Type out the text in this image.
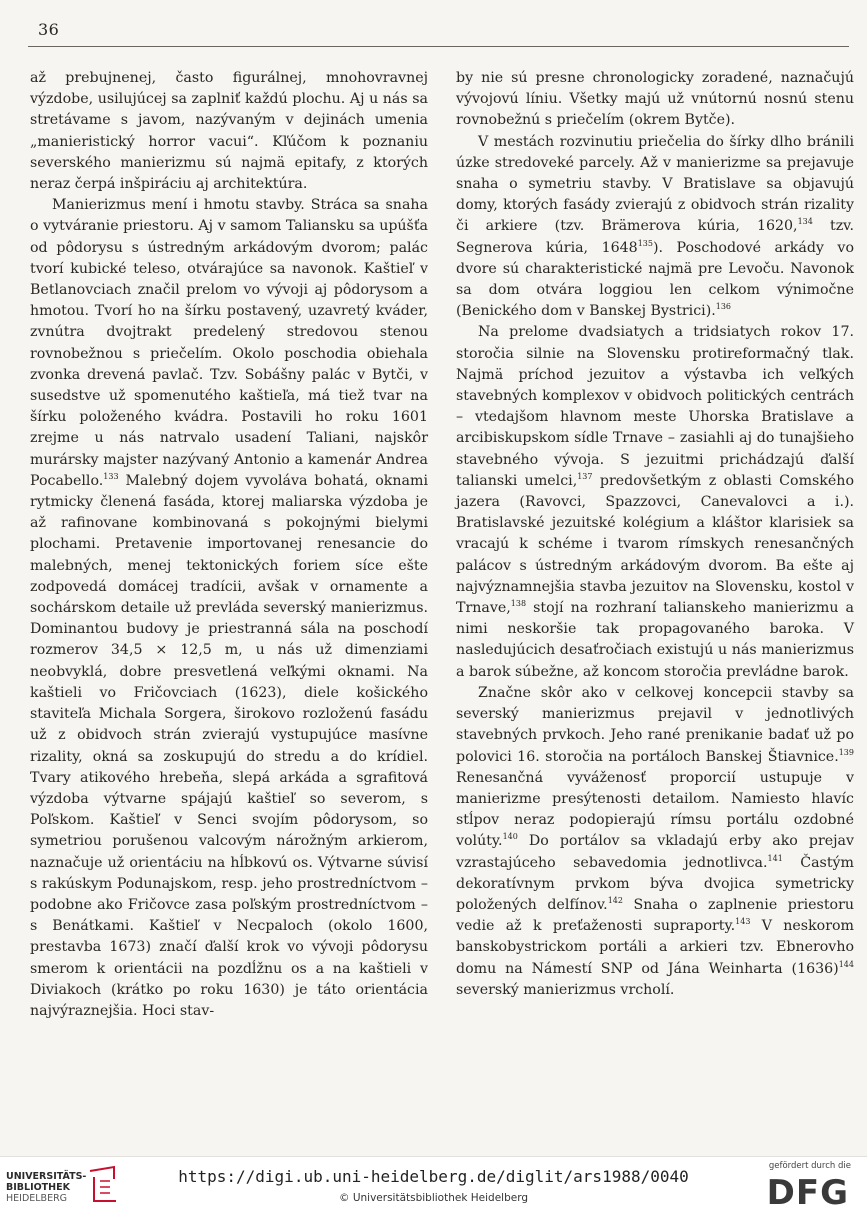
36

až prebujnenej, často figurálnej, mnohovravnej výzdobe, usilujúcej sa zaplniť každú plochu. Aj u nás sa stretávame s javom, nazývaným v dejinách umenia „manieristický horror vacui“. Kľúčom k poznaniu severského manierizmu sú najmä epitafy, z ktorých neraz čerpá inšpiráciu aj architektúra.

Manierizmus mení i hmotu stavby. Stráca sa snaha o vytváranie priestoru. Aj v samom Taliansku sa upúšťa od pôdorysu s ústredným arkádovým dvorom; palác tvorí kubické teleso, otvárajúce sa navonok. Kaštieľ v Betlanovciach značil prelom vo vývoji aj pôdorysom a hmotou. Tvorí ho na šírku postavený, uzavretý kváder, zvnútra dvojtrakt predelený stredovou stenou rovnobežnou s priečelím. Okolo poschodia obiehala zvonka drevená pavlač. Tzv. Sobášny palác v Bytči, v susedstve už spomenutého kaštieľa, má tiež tvar na šírku položeného kvádra. Postavili ho roku 1601 zrejme u nás natrvalo usadení Taliani, najskôr murársky majster nazývaný Antonio a kamenár Andrea Pocabello.$^{133}$ Malebný dojem vyvoláva bohatá, oknami rytmicky členená fasáda, ktorej maliarska výzdoba je až rafinovane kombinovaná s pokojnými bielymi plochami. Pretavenie importovanej renesancie do malebných, menej tektonických foriem síce ešte zodpovedá domácej tradícii, avšak v ornamente a sochárskom detaile už prevláda severský manierizmus. Dominantou budovy je priestranná sála na poschodí rozmerov 34,5 × 12,5 m, u nás už dimenziami neobvyklá, dobre presvetlená veľkými oknami. Na kaštieli vo Fričovciach (1623), diele košického staviteľa Michala Sorgera, širokovo rozloženú fasádu už z obidvoch strán zvierajú vystupujúce masívne rizality, okná sa zoskupujú do stredu a do krídiel. Tvary atikového hrebeňa, slepá arkáda a sgrafitová výzdoba výtvarne spájajú kaštieľ so severom, s Poľskom. Kaštieľ v Senci svojím pôdorysom, so symetriou porušenou valcovým nárožným arkierom, naznačuje už orientáciu na hĺbkovú os. Výtvarne súvisí s rakúskym Podunajskom, resp. jeho prostredníctvom – podobne ako Fričovce zasa poľským prostredníctvom – s Benátkami. Kaštieľ v Necpaloch (okolo 1600, prestavba 1673) značí ďalší krok vo vývoji pôdorysu smerom k orientácii na pozdĺžnu os a na kaštieli v Diviakoch (krátko po roku 1630) je táto orientácia najvýraznejšia. Hoci stav-

by nie sú presne chronologicky zoradené, naznačujú vývojovú líniu. Všetky majú už vnútornú nosnú stenu rovnobežnú s priečelím (okrem Bytče).

V mestách rozvinutiu priečelia do šírky dlho bránili úzke stredoveké parcely. Až v manierizme sa prejavuje snaha o symetriu stavby. V Bratislave sa objavujú domy, ktorých fasády zvierajú z obidvoch strán rizality či arkiere (tzv. Brämerova kúria, 1620,$^{134}$ tzv. Segnerova kúria, 1648$^{135}$). Poschodové arkády vo dvore sú charakteristické najmä pre Levoču. Navonok sa dom otvára loggiou len celkom výnimočne (Benického dom v Banskej Bystrici).$^{136}$

Na prelome dvadsiatych a tridsiatych rokov 17. storočia silnie na Slovensku protireformačný tlak. Najmä príchod jezuitov a výstavba ich veľkých stavebných komplexov v obidvoch politických centrách – vtedajšom hlavnom meste Uhorska Bratislave a arcibiskupskom sídle Trnave – zasiahli aj do tunajšieho stavebného vývoja. S jezuitmi prichádzajú ďalší talianski umelci,$^{137}$ predovšetkým z oblasti Comského jazera (Ravovci, Spazzovci, Canevalovci a i.). Bratislavské jezuitské kolégium a kláštor klarisiek sa vracajú k schéme i tvarom rímskych renesančných palácov s ústredným arkádovým dvorom. Ba ešte aj najvýznamnejšia stavba jezuitov na Slovensku, kostol v Trnave,$^{138}$ stojí na rozhraní talianskeho manierizmu a nimi neskoršie tak propagovaného baroka. V nasledujúcich desaťročiach existujú u nás manierizmus a barok súbežne, až koncom storočia prevládne barok.

Značne skôr ako v celkovej koncepcii stavby sa severský manierizmus prejavil v jednotlivých stavebných prvkoch. Jeho rané prenikanie badať už po polovici 16. storočia na portáloch Banskej Štiavnice.$^{139}$ Renesančná vyváženosť proporcií ustupuje v manierizme presýtenosti detailom. Namiesto hlavíc stĺpov neraz podopierajú rímsu portálu ozdobné volúty.$^{140}$ Do portálov sa vkladajú erby ako prejav vzrastajúceho sebavedomia jednotlivca.$^{141}$ Častým dekoratívnym prvkom býva dvojica symetricky položených delfínov.$^{142}$ Snaha o zaplnenie priestoru vedie až k preťaženosti supraporty.$^{143}$ V neskorom banskobystrickom portáli a arkieri tzv. Ebnerovho domu na Námestí SNP od Jána Weinharta $(1636)^{144}$ severský manierizmus vrcholí.

UNIVERSITÄTS-
BIBLIOTHEK
HEIDELBERG
https://digi.ub.uni-heidelberg.de/diglit/ars1988/0040
© Universitätsbibliothek Heidelberg
gefördert durch die
DFG
